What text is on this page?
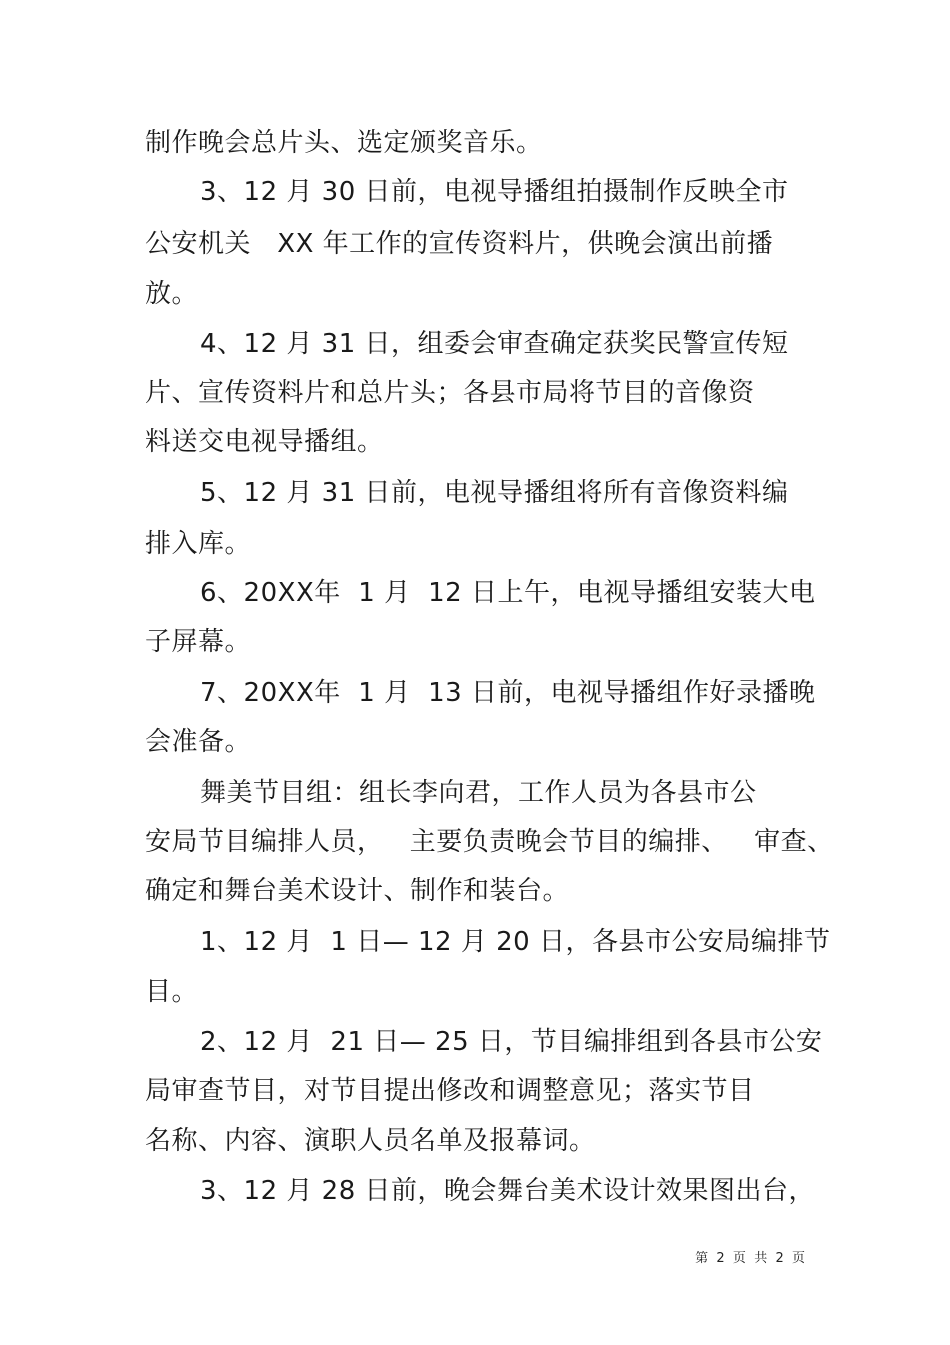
制作晚会总片头、选定颁奖音乐。
3、12 月 30 日前，电视导播组拍摄制作反映全市
公安机关   XX 年工作的宣传资料片，供晚会演出前播
放。
4、12 月 31 日，组委会审查确定获奖民警宣传短
片、宣传资料片和总片头；各县市局将节目的音像资
料送交电视导播组。
5、12 月 31 日前，电视导播组将所有音像资料编
排入库。
6、20XX年  1 月  12 日上午，电视导播组安装大电
子屏幕。
7、20XX年  1 月  13 日前，电视导播组作好录播晚
会准备。
舞美节目组：组长李向君，工作人员为各县市公
安局节目编排人员，   主要负责晚会节目的编排、   审查、
确定和舞台美术设计、制作和装台。
1、12 月  1 日— 12 月 20 日，各县市公安局编排节
目。
2、12 月  21 日— 25 日，节目编排组到各县市公安
局审查节目，对节目提出修改和调整意见；落实节目
名称、内容、演职人员名单及报幕词。
3、12 月 28 日前，晚会舞台美术设计效果图出台，
第  2  页  共  2  页
